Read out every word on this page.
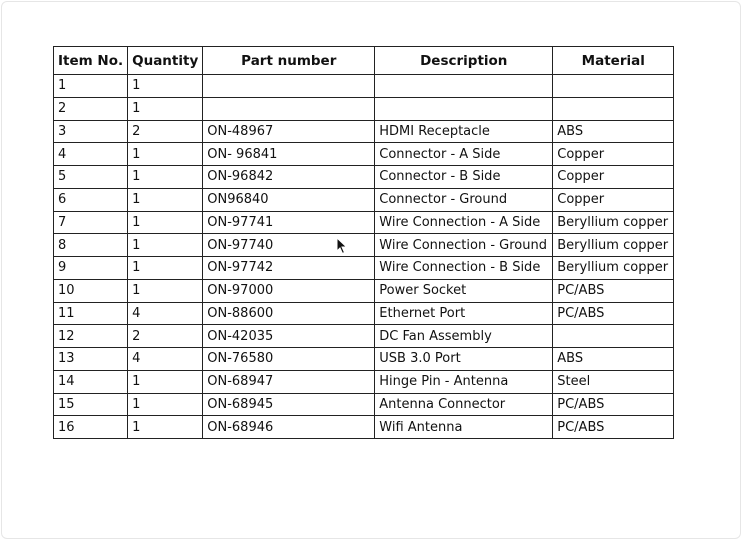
Item No.	Quantity	Part number	Description	Material
1	1			
2	1			
3	2	ON-48967	HDMI Receptacle	ABS
4	1	ON- 96841	Connector - A Side	Copper
5	1	ON-96842	Connector - B Side	Copper
6	1	ON96840	Connector - Ground	Copper
7	1	ON-97741	Wire Connection - A Side	Beryllium copper
8	1	ON-97740	Wire Connection - Ground	Beryllium copper
9	1	ON-97742	Wire Connection - B Side	Beryllium copper
10	1	ON-97000	Power Socket	PC/ABS
11	4	ON-88600	Ethernet Port	PC/ABS
12	2	ON-42035	DC Fan Assembly	
13	4	ON-76580	USB 3.0 Port	ABS
14	1	ON-68947	Hinge Pin - Antenna	Steel
15	1	ON-68945	Antenna Connector	PC/ABS
16	1	ON-68946	Wifi Antenna	PC/ABS
